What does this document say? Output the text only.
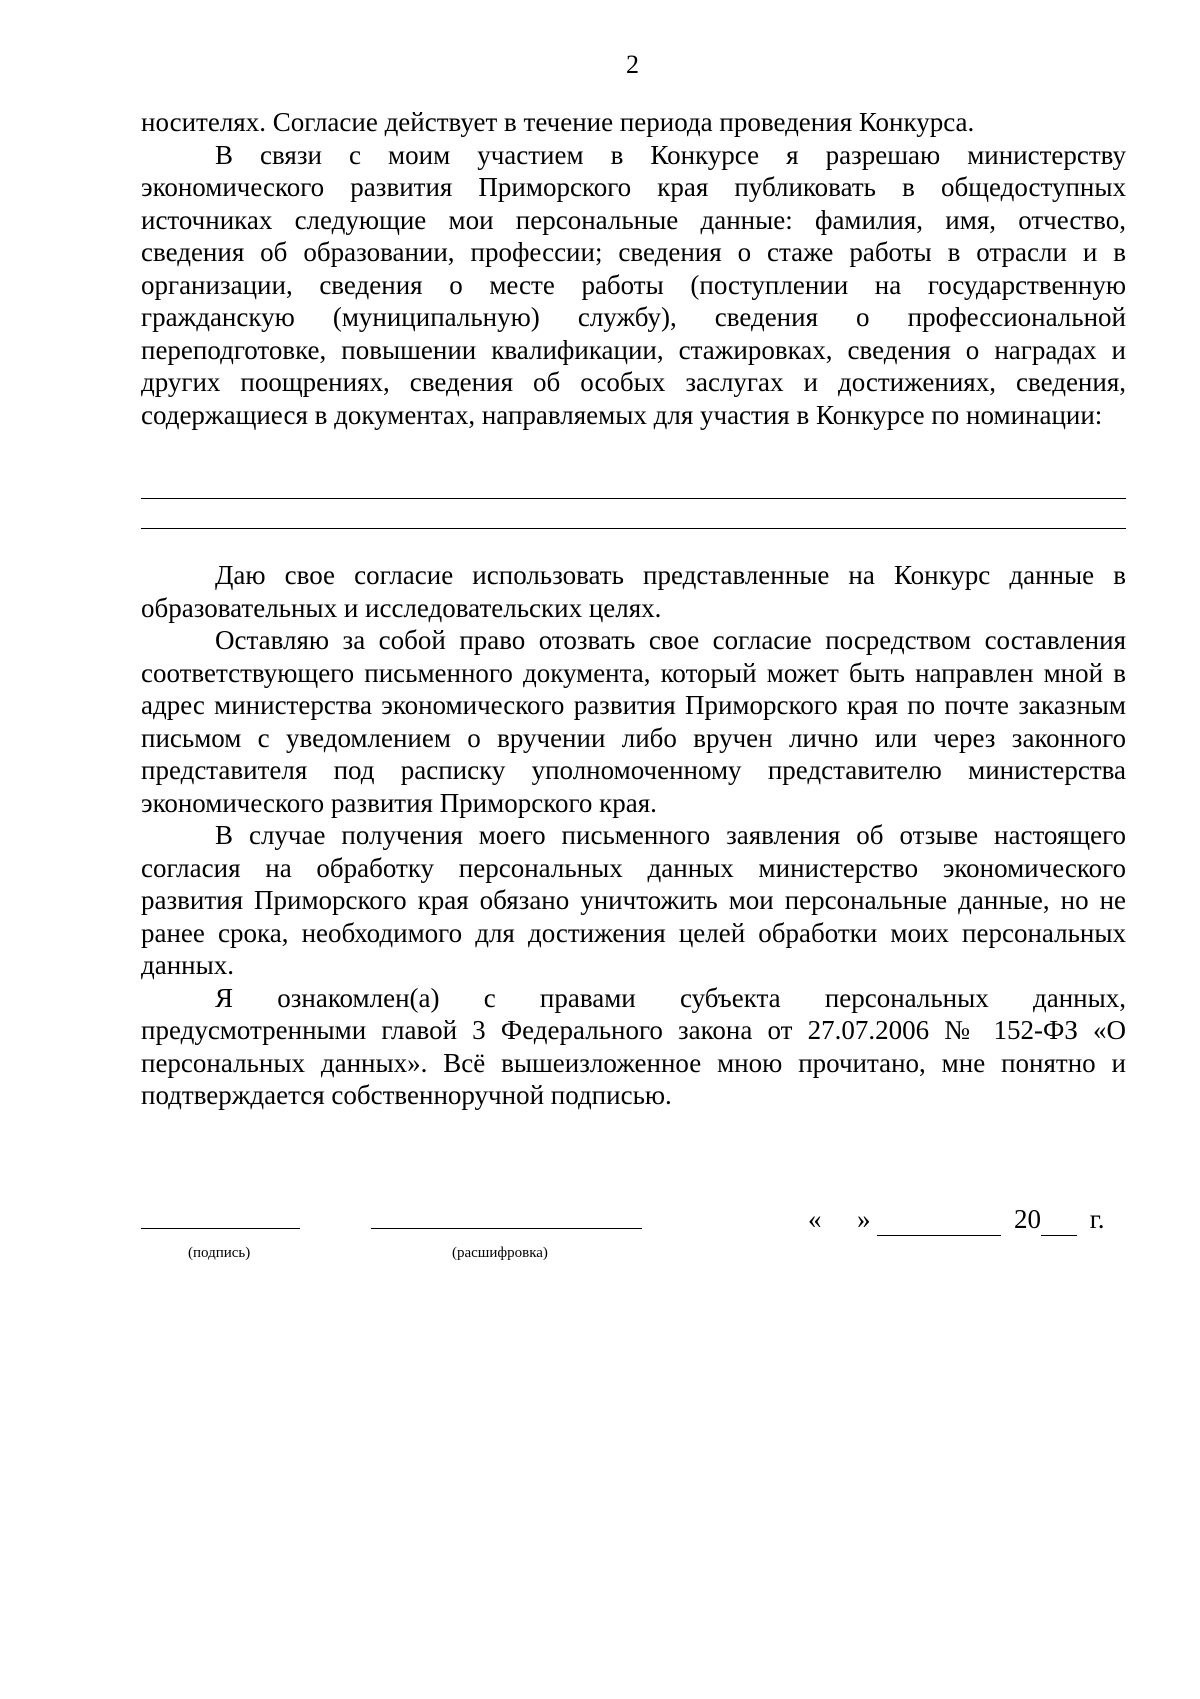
2

носителях. Согласие действует в течение периода проведения Конкурса.

В связи с моим участием в Конкурсе я разрешаю министерству экономического развития Приморского края публиковать в общедоступных источниках следующие мои персональные данные: фамилия, имя, отчество, сведения об образовании, профессии; сведения о стаже работы в отрасли и в организации, сведения о месте работы (поступлении на государственную гражданскую (муниципальную) службу), сведения о профессиональной переподготовке, повышении квалификации, стажировках, сведения о наградах и других поощрениях, сведения об особых заслугах и достижениях, сведения, содержащиеся в документах, направляемых для участия в Конкурсе по номинации:

Даю свое согласие использовать представленные на Конкурс данные в образовательных и исследовательских целях.

Оставляю за собой право отозвать свое согласие посредством составления соответствующего письменного документа, который может быть направлен мной в адрес министерства экономического развития Приморского края по почте заказным письмом с уведомлением о вручении либо вручен лично или через законного представителя под расписку уполномоченному представителю министерства экономического развития Приморского края.

В случае получения моего письменного заявления об отзыве настоящего согласия на обработку персональных данных министерство экономического развития Приморского края обязано уничтожить мои персональные данные, но не ранее срока, необходимого для достижения целей обработки моих персональных данных.

Я ознакомлен(а) с правами субъекта персональных данных, предусмотренными главой 3 Федерального закона от 27.07.2006 № 152-ФЗ «О персональных данных». Всё вышеизложенное мною прочитано, мне понятно и подтверждается собственноручной подписью.

(подпись)	(расшифровка)
« »	20 г.
